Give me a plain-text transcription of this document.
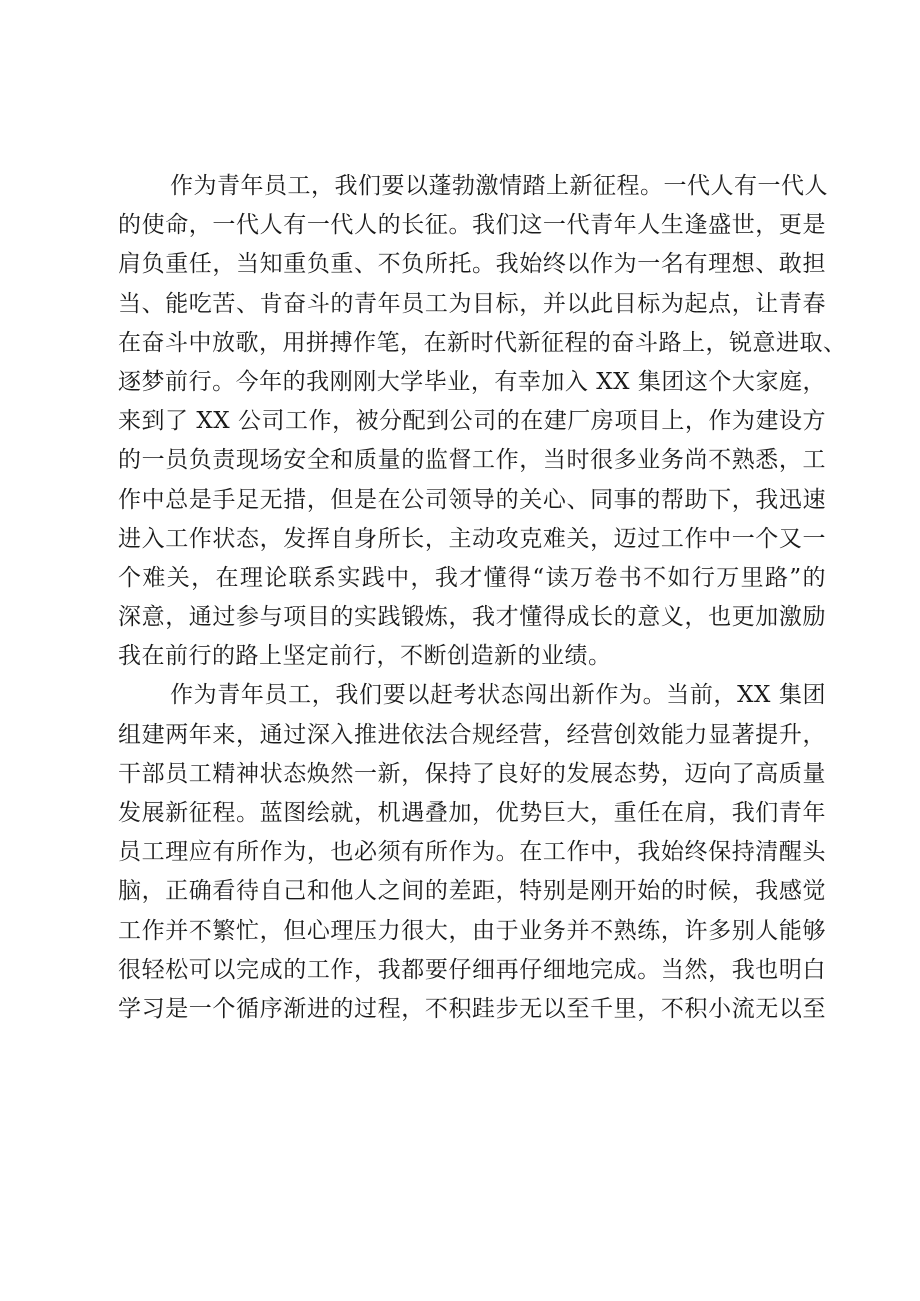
作为青年员工，我们要以蓬勃激情踏上新征程。一代人有一代人
的使命，一代人有一代人的长征。我们这一代青年人生逢盛世，更是
肩负重任，当知重负重、不负所托。我始终以作为一名有理想、敢担
当、能吃苦、肯奋斗的青年员工为目标，并以此目标为起点，让青春
在奋斗中放歌，用拼搏作笔，在新时代新征程的奋斗路上，锐意进取、
逐梦前行。今年的我刚刚大学毕业，有幸加入 XX 集团这个大家庭，
来到了 XX 公司工作，被分配到公司的在建厂房项目上，作为建设方
的一员负责现场安全和质量的监督工作，当时很多业务尚不熟悉，工
作中总是手足无措，但是在公司领导的关心、同事的帮助下，我迅速
进入工作状态，发挥自身所长，主动攻克难关，迈过工作中一个又一
个难关，在理论联系实践中，我才懂得“读万卷书不如行万里路”的
深意，通过参与项目的实践锻炼，我才懂得成长的意义，也更加激励
我在前行的路上坚定前行，不断创造新的业绩。
作为青年员工，我们要以赶考状态闯出新作为。当前，XX 集团
组建两年来，通过深入推进依法合规经营，经营创效能力显著提升，
干部员工精神状态焕然一新，保持了良好的发展态势，迈向了高质量
发展新征程。蓝图绘就，机遇叠加，优势巨大，重任在肩，我们青年
员工理应有所作为，也必须有所作为。在工作中，我始终保持清醒头
脑，正确看待自己和他人之间的差距，特别是刚开始的时候，我感觉
工作并不繁忙，但心理压力很大，由于业务并不熟练，许多别人能够
很轻松可以完成的工作，我都要仔细再仔细地完成。当然，我也明白
学习是一个循序渐进的过程，不积跬步无以至千里，不积小流无以至
